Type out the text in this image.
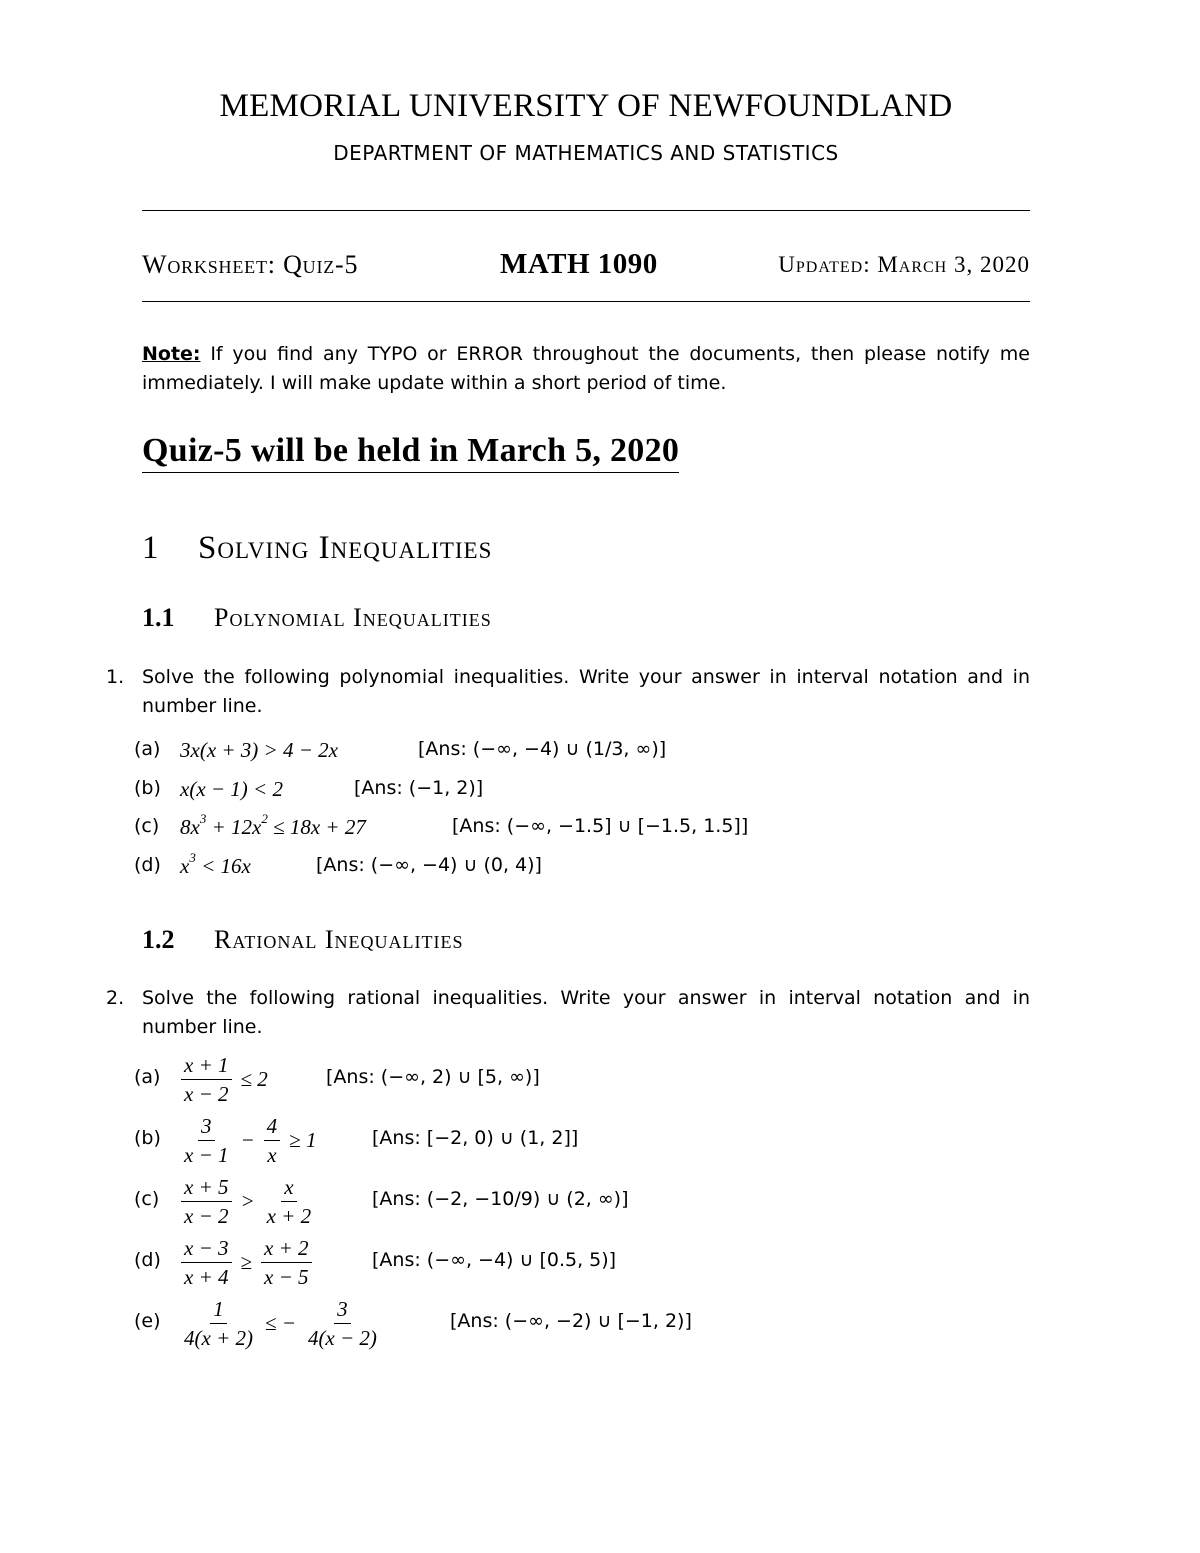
MEMORIAL UNIVERSITY OF NEWFOUNDLAND
DEPARTMENT OF MATHEMATICS AND STATISTICS
Worksheet: Quiz-5	MATH 1090	Updated: March 3, 2020
Note: If you find any TYPO or ERROR throughout the documents, then please notify me immediately. I will make update within a short period of time.
Quiz-5 will be held in March 5, 2020
1 Solving Inequalities
1.1 Polynomial Inequalities
1. Solve the following polynomial inequalities. Write your answer in interval notation and in number line.
(a) 3x(x + 3) > 4 − 2x	[Ans: (−∞, −4) ∪ (1/3, ∞)]
(b) x(x − 1) < 2	[Ans: (−1, 2)]
(c) $8x^3 + 12x^2 \le 18x + 27$	[Ans: (−∞, −1.5] ∪ [−1.5, 1.5]]
(d) $x^3 < 16x$	[Ans: (−∞, −4) ∪ (0, 4)]
1.2 Rational Inequalities
2. Solve the following rational inequalities. Write your answer in interval notation and in number line.
$(a) \frac{x + 1}{x - 2} \le 2$	[Ans: (−∞, 2) ∪ [5, ∞)]
$(b) \frac{3}{x - 1} - \frac{4}{x} \ge 1$	[Ans: [−2, 0) ∪ (1, 2]]
$(c) \frac{x + 5}{x - 2} > \frac{x}{x + 2}$	[Ans: (−2, −10/9) ∪ (2, ∞)]
$(d) \frac{x - 3}{x + 4} \ge \frac{x + 2}{x - 5}$	[Ans: (−∞, −4) ∪ [0.5, 5)]
$(e) \frac{1}{4(x + 2)}$ ≤ − $\frac{3}{4(x - 2)}$	[Ans: (−∞, −2) ∪ [−1, 2)]
